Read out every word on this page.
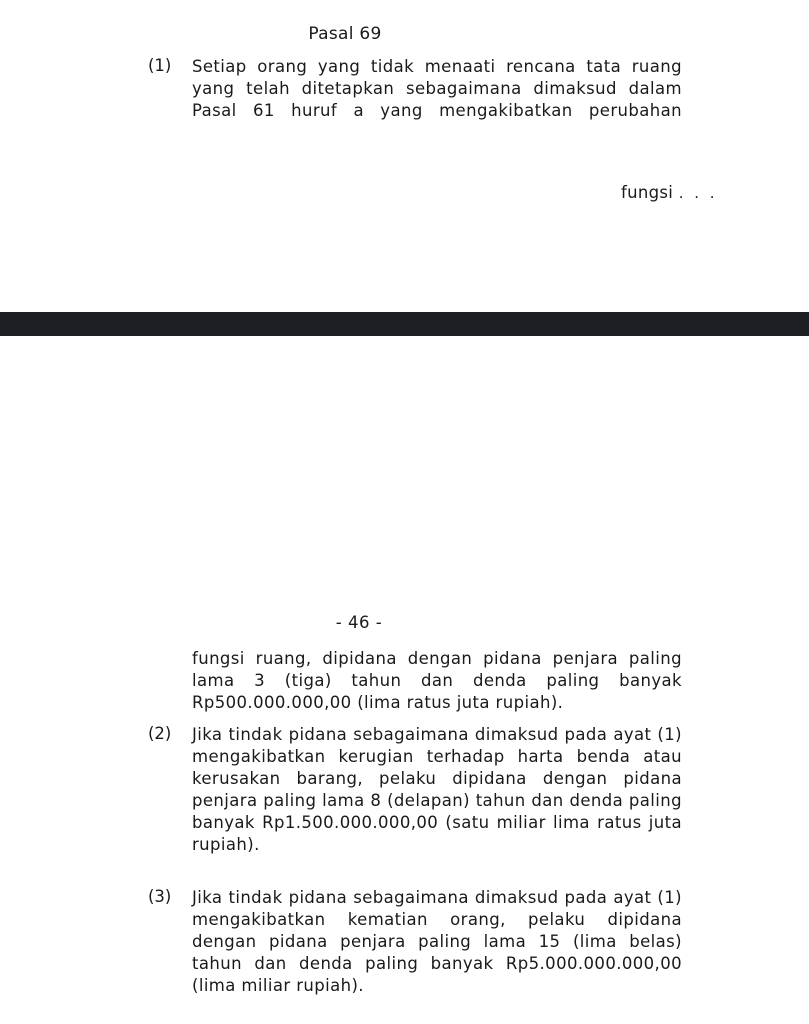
Pasal 69
(1) Setiap orang yang tidak menaati rencana tata ruang yang telah ditetapkan sebagaimana dimaksud dalam Pasal 61 huruf a yang mengakibatkan perubahan
fungsi . . .
- 46 -
fungsi ruang, dipidana dengan pidana penjara paling lama 3 (tiga) tahun dan denda paling banyak Rp500.000.000,00 (lima ratus juta rupiah).
(2) Jika tindak pidana sebagaimana dimaksud pada ayat (1) mengakibatkan kerugian terhadap harta benda atau kerusakan barang, pelaku dipidana dengan pidana penjara paling lama 8 (delapan) tahun dan denda paling banyak Rp1.500.000.000,00 (satu miliar lima ratus juta rupiah).
(3) Jika tindak pidana sebagaimana dimaksud pada ayat (1) mengakibatkan kematian orang, pelaku dipidana dengan pidana penjara paling lama 15 (lima belas) tahun dan denda paling banyak Rp5.000.000.000,00 (lima miliar rupiah).
